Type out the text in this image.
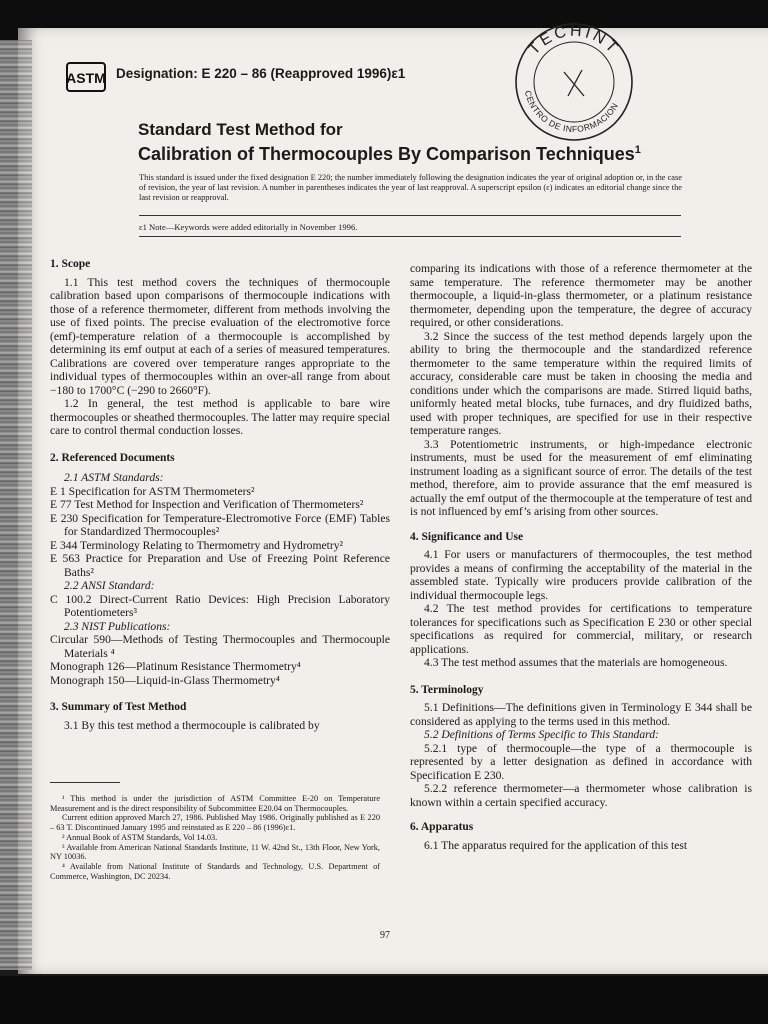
ASTM Designation: E 220 – 86 (Reapproved 1996)ε1
TECHINT
CENTRO DE INFORMACION
Standard Test Method for
Calibration of Thermocouples By Comparison Techniques$^1$
This standard is issued under the fixed designation E 220; the number immediately following the designation indicates the year of original adoption or, in the case of revision, the year of last revision. A number in parentheses indicates the year of last reapproval. A superscript epsilon (ε) indicates an editorial change since the last revision or reapproval.
ε1 Note—Keywords were added editorially in November 1996.
1. Scope

1.1 This test method covers the techniques of thermocouple calibration based upon comparisons of thermocouple indications with those of a reference thermometer, different from methods involving the use of fixed points. The precise evaluation of the electromotive force (emf)-temperature relation of a thermocouple is accomplished by determining its emf output at each of a series of measured temperatures. Calibrations are covered over temperature ranges appropriate to the individual types of thermocouples within an over-all range from about −180 to 1700°C (−290 to 2660°F).

1.2 In general, the test method is applicable to bare wire thermocouples or sheathed thermocouples. The latter may require special care to control thermal conduction losses.

2. Referenced Documents

2.1 ASTM Standards:

E 1 Specification for ASTM Thermometers²

E 77 Test Method for Inspection and Verification of Thermometers²

E 230 Specification for Temperature-Electromotive Force (EMF) Tables for Standardized Thermocouples²

E 344 Terminology Relating to Thermometry and Hydrometry²

E 563 Practice for Preparation and Use of Freezing Point Reference Baths²

2.2 ANSI Standard:

C 100.2 Direct-Current Ratio Devices: High Precision Laboratory Potentiometers³

2.3 NIST Publications:

Circular 590—Methods of Testing Thermocouples and Thermocouple Materials ⁴

Monograph 126—Platinum Resistance Thermometry⁴

Monograph 150—Liquid-in-Glass Thermometry⁴

3. Summary of Test Method

3.1 By this test method a thermocouple is calibrated by

comparing its indications with those of a reference thermometer at the same temperature. The reference thermometer may be another thermocouple, a liquid-in-glass thermometer, or a platinum resistance thermometer, depending upon the temperature, the degree of accuracy required, or other considerations.

3.2 Since the success of the test method depends largely upon the ability to bring the thermocouple and the standardized reference thermometer to the same temperature within the required limits of accuracy, considerable care must be taken in choosing the media and conditions under which the comparisons are made. Stirred liquid baths, uniformly heated metal blocks, tube furnaces, and dry fluidized baths, used with proper techniques, are specified for use in their respective temperature ranges.

3.3 Potentiometric instruments, or high-impedance electronic instruments, must be used for the measurement of emf eliminating instrument loading as a significant source of error. The details of the test method, therefore, aim to provide assurance that the emf measured is actually the emf output of the thermocouple at the temperature of test and is not influenced by emf’s arising from other sources.

4. Significance and Use

4.1 For users or manufacturers of thermocouples, the test method provides a means of confirming the acceptability of the material in the assembled state. Typically wire producers provide calibration of the individual thermocouple legs.

4.2 The test method provides for certifications to temperature tolerances for specifications such as Specification E 230 or other special specifications as required for commercial, military, or research applications.

4.3 The test method assumes that the materials are homogeneous.

5. Terminology

5.1 Definitions—The definitions given in Terminology E 344 shall be considered as applying to the terms used in this method.

5.2 Definitions of Terms Specific to This Standard:

5.2.1 type of thermocouple—the type of a thermocouple is represented by a letter designation as defined in accordance with Specification E 230.

5.2.2 reference thermometer—a thermometer whose calibration is known within a certain specified accuracy.

6. Apparatus

6.1 The apparatus required for the application of this test

¹ This method is under the jurisdiction of ASTM Committee E-20 on Temperature Measurement and is the direct responsibility of Subcommittee E20.04 on Thermocouples.

Current edition approved March 27, 1986. Published May 1986. Originally published as E 220 – 63 T. Discontinued January 1995 and reinstated as E 220 – 86 (1996)ε1.

² Annual Book of ASTM Standards, Vol 14.03.

³ Available from American National Standards Institute, 11 W. 42nd St., 13th Floor, New York, NY 10036.

⁴ Available from National Institute of Standards and Technology, U.S. Department of Commerce, Washington, DC 20234.

97
